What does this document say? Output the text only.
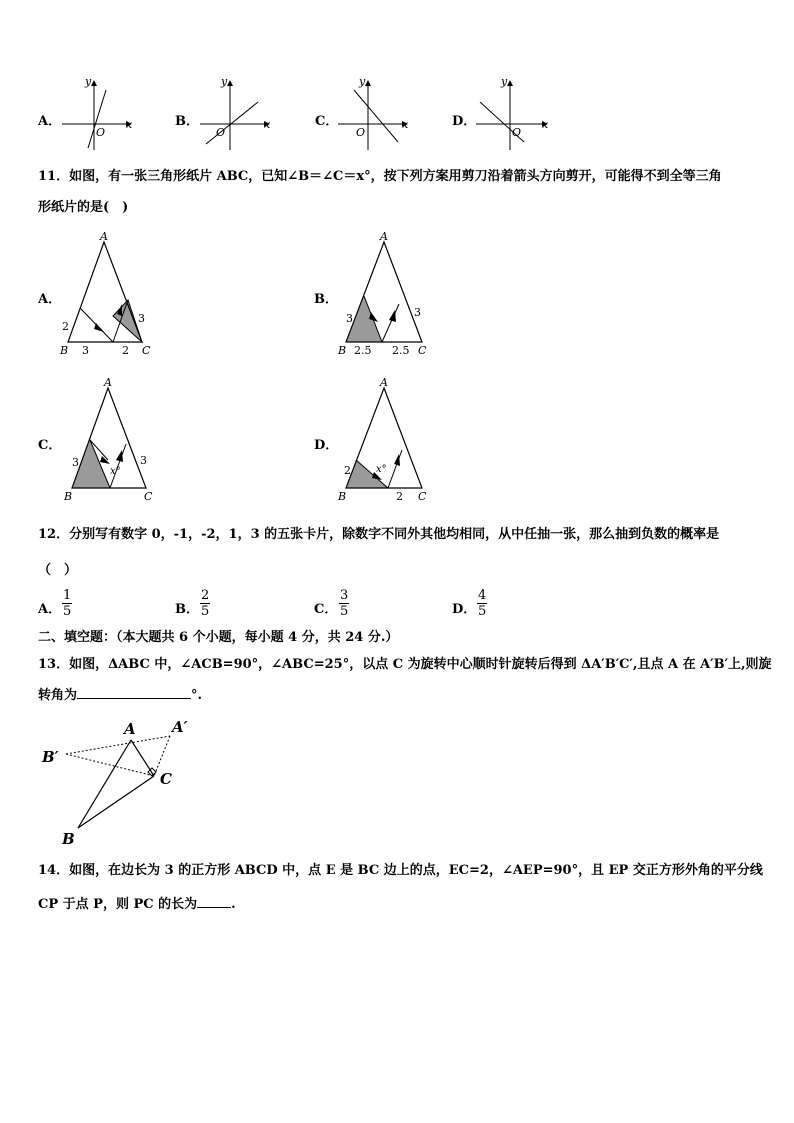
A．
y
x
O
B．
y
x
O
C．
y
x
O
D．
y
x
O
11．如图，有一张三角形纸片 ABC，已知∠B＝∠C＝x°，按下列方案用剪刀沿着箭头方向剪开，可能得不到全等三角
形纸片的是(　)
A．
A
B	C
2
3	2
3
B．
A
B	C
3
2.5 2.5
3
C．
A
B	C
3
x°
3
D．
A
B	C
2	x°
2
12．分别写有数字 0，-1，-2，1，3 的五张卡片，除数字不同外其他均相同，从中任抽一张，那么抽到负数的概率是
（　）
A． $\frac{1}{5}$	B． $\frac{2}{5}$	C． $\frac{3}{5}$	D． $\frac{4}{5}$
二、填空题：（本大题共 6 个小题，每小题 4 分，共 24 分.）
13．如图，ΔABC 中，∠ACB=90°，∠ABC=25°，以点 C 为旋转中心顺时针旋转后得到 ΔA′B′C′,且点 A 在 A′B′上,则旋
转角为	°.
A A′
B′
C
B
14．如图，在边长为 3 的正方形 ABCD 中，点 E 是 BC 边上的点，EC=2，∠AEP=90°，且 EP 交正方形外角的平分线
CP 于点 P，则 PC 的长为	.
